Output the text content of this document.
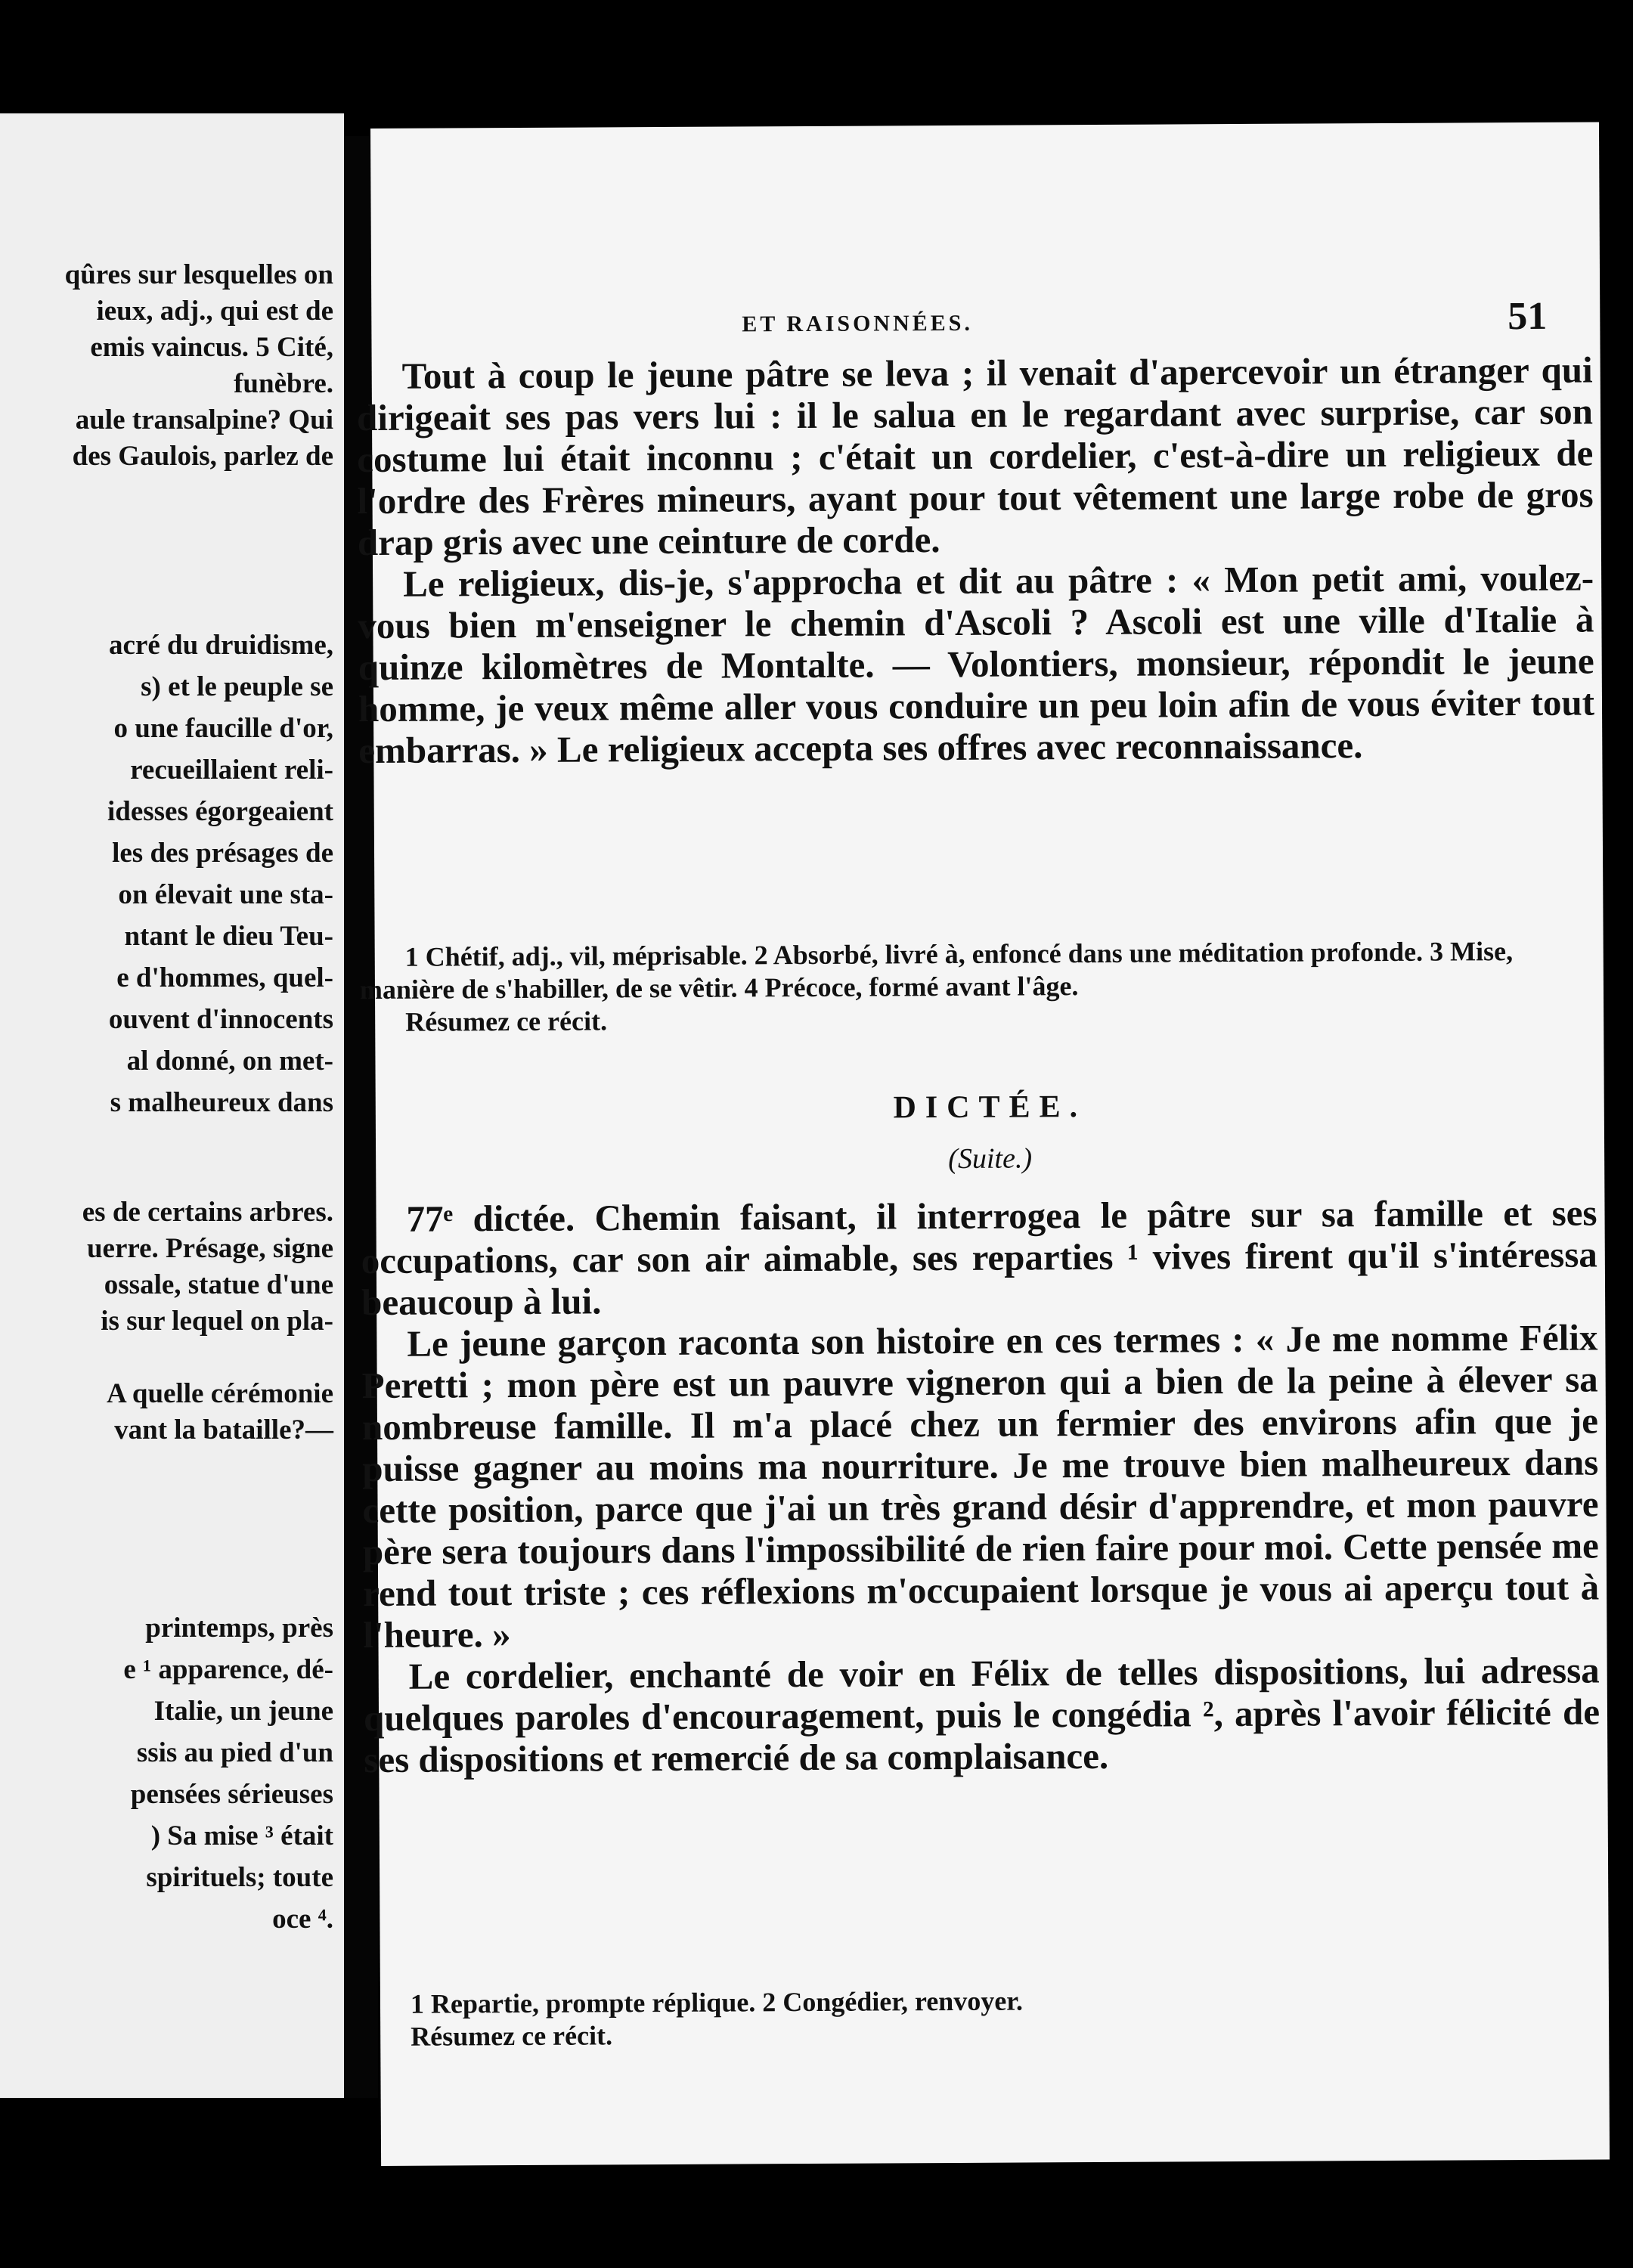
qûres sur lesquelles on
ieux, adj., qui est de
emis vaincus. 5 Cité,
funèbre.
aule transalpine? Qui
des Gaulois, parlez de
acré du druidisme,
s) et le peuple se
o une faucille d'or,
recueillaient reli-
idesses égorgeaient
les des présages de
on élevait une sta-
ntant le dieu Teu-
e d'hommes, quel-
ouvent d'innocents
al donné, on met-
s malheureux dans
es de certains arbres.
uerre. Présage, signe
ossale, statue d'une
is sur lequel on pla-
A quelle cérémonie
vant la bataille?—
printemps, près
e ¹ apparence, dé-
Italie, un jeune
ssis au pied d'un
pensées sérieuses
) Sa mise ³ était
spirituels; toute
oce ⁴.
ET RAISONNÉES.	51

Tout à coup le jeune pâtre se leva ; il venait d'apercevoir un étranger qui dirigeait ses pas vers lui : il le salua en le regardant avec surprise, car son costume lui était inconnu ; c'était un cordelier, c'est-à-dire un religieux de l'ordre des Frères mineurs, ayant pour tout vêtement une large robe de gros drap gris avec une ceinture de corde.

Le religieux, dis-je, s'approcha et dit au pâtre : « Mon petit ami, voulez-vous bien m'enseigner le chemin d'Ascoli ? Ascoli est une ville d'Italie à quinze kilomètres de Montalte. — Volontiers, monsieur, répondit le jeune homme, je veux même aller vous conduire un peu loin afin de vous éviter tout embarras. » Le religieux accepta ses offres avec reconnaissance.

1 Chétif, adj., vil, méprisable. 2 Absorbé, livré à, enfoncé dans une méditation profonde. 3 Mise, manière de s'habiller, de se vêtir. 4 Précoce, formé avant l'âge.

Résumez ce récit.

DICTÉE.
(Suite.)

77ᵉ dictée. Chemin faisant, il interrogea le pâtre sur sa famille et ses occupations, car son air aimable, ses reparties ¹ vives firent qu'il s'intéressa beaucoup à lui.

Le jeune garçon raconta son histoire en ces termes : « Je me nomme Félix Peretti ; mon père est un pauvre vigneron qui a bien de la peine à élever sa nombreuse famille. Il m'a placé chez un fermier des environs afin que je puisse gagner au moins ma nourriture. Je me trouve bien malheureux dans cette position, parce que j'ai un très grand désir d'apprendre, et mon pauvre père sera toujours dans l'impossibilité de rien faire pour moi. Cette pensée me rend tout triste ; ces réflexions m'occupaient lorsque je vous ai aperçu tout à l'heure. »

Le cordelier, enchanté de voir en Félix de telles dispositions, lui adressa quelques paroles d'encouragement, puis le congédia ², après l'avoir félicité de ses dispositions et remercié de sa complaisance.

1 Repartie, prompte réplique. 2 Congédier, renvoyer.

Résumez ce récit.
